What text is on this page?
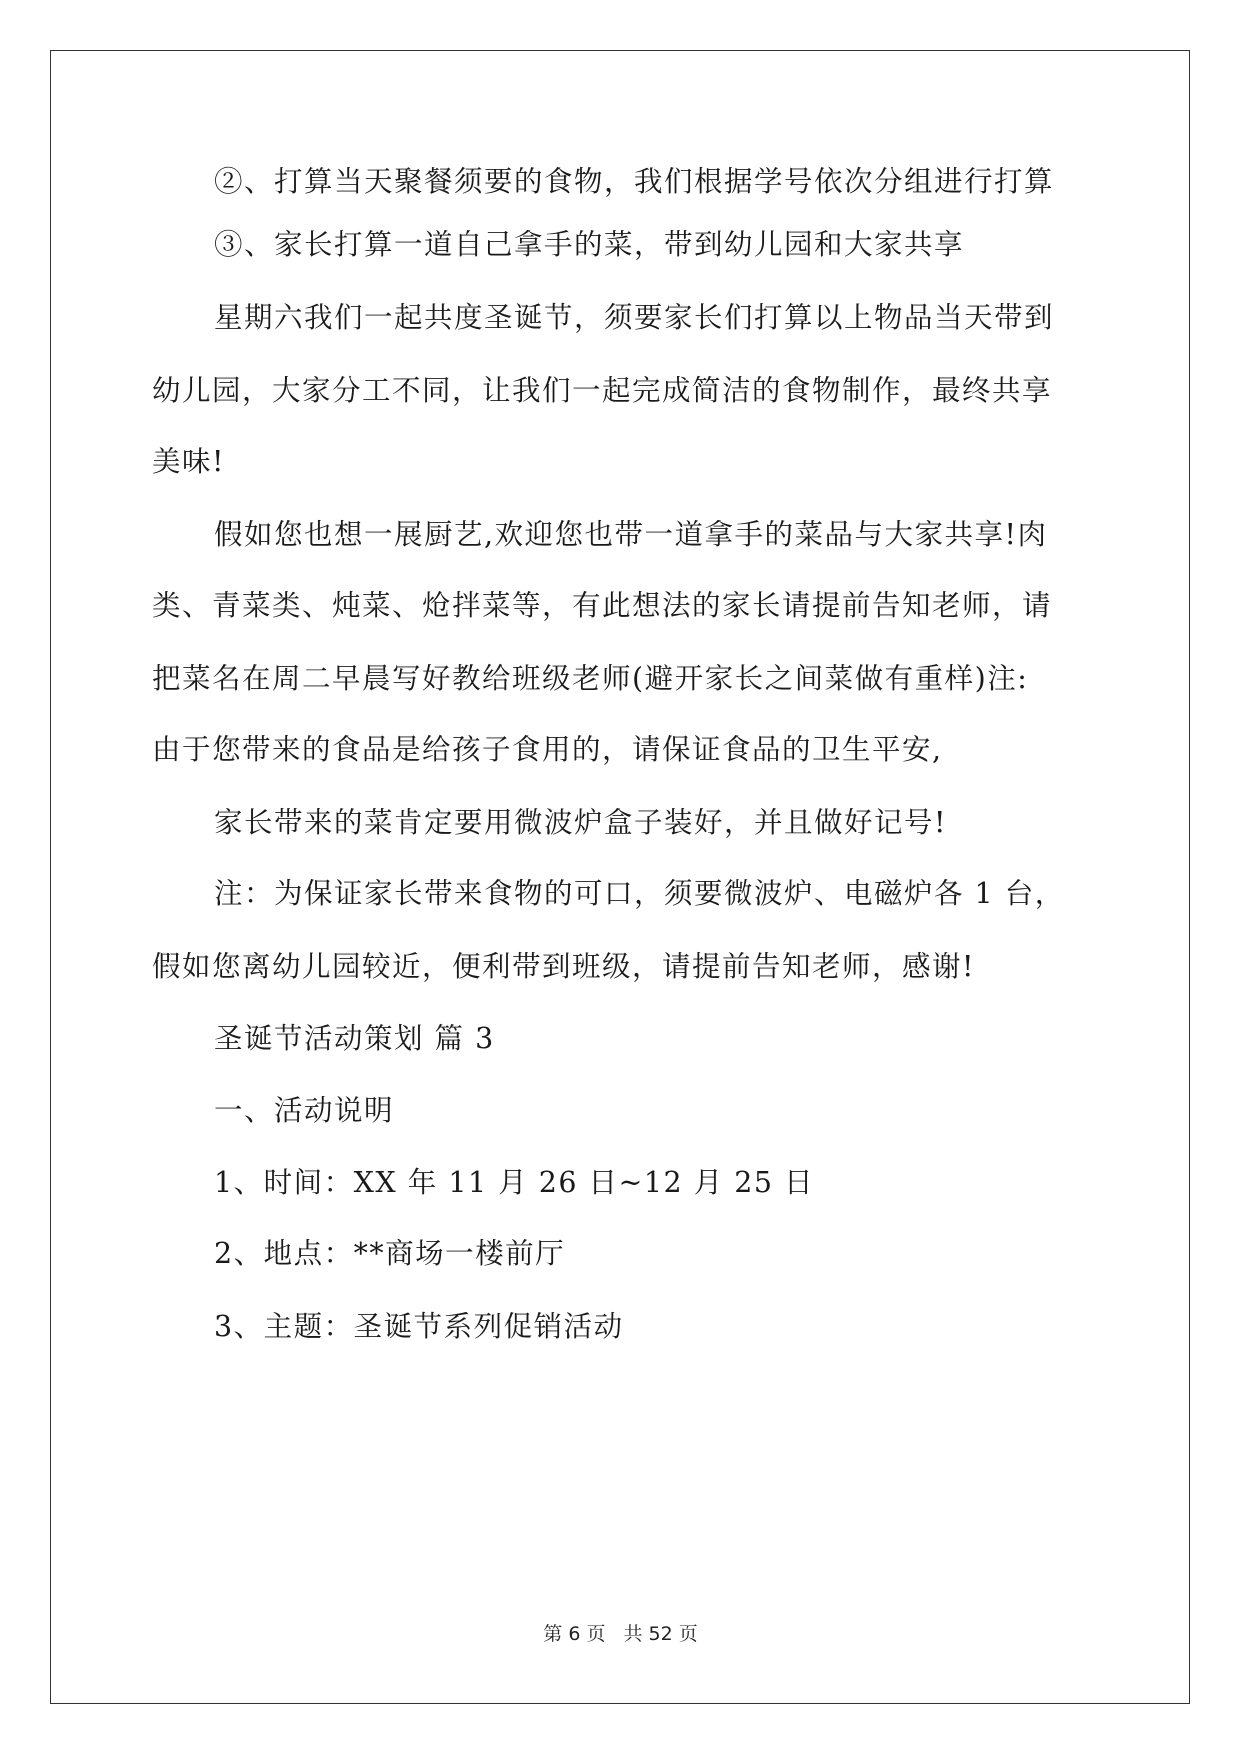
②、打算当天聚餐须要的食物，我们根据学号依次分组进行打算
③、家长打算一道自己拿手的菜，带到幼儿园和大家共享
星期六我们一起共度圣诞节，须要家长们打算以上物品当天带到
幼儿园，大家分工不同，让我们一起完成简洁的食物制作，最终共享
美味!
假如您也想一展厨艺,欢迎您也带一道拿手的菜品与大家共享!肉
类、青菜类、炖菜、炝拌菜等，有此想法的家长请提前告知老师，请
把菜名在周二早晨写好教给班级老师(避开家长之间菜做有重样)注:
由于您带来的食品是给孩子食用的，请保证食品的卫生平安,
家长带来的菜肯定要用微波炉盒子装好，并且做好记号!
注：为保证家长带来食物的可口，须要微波炉、电磁炉各 1 台，
假如您离幼儿园较近，便利带到班级，请提前告知老师，感谢!
圣诞节活动策划 篇 3
一、活动说明
1、时间：XX 年 11 月 26 日~12 月 25 日
2、地点：**商场一楼前厅
3、主题：圣诞节系列促销活动
第 6 页 共 52 页
